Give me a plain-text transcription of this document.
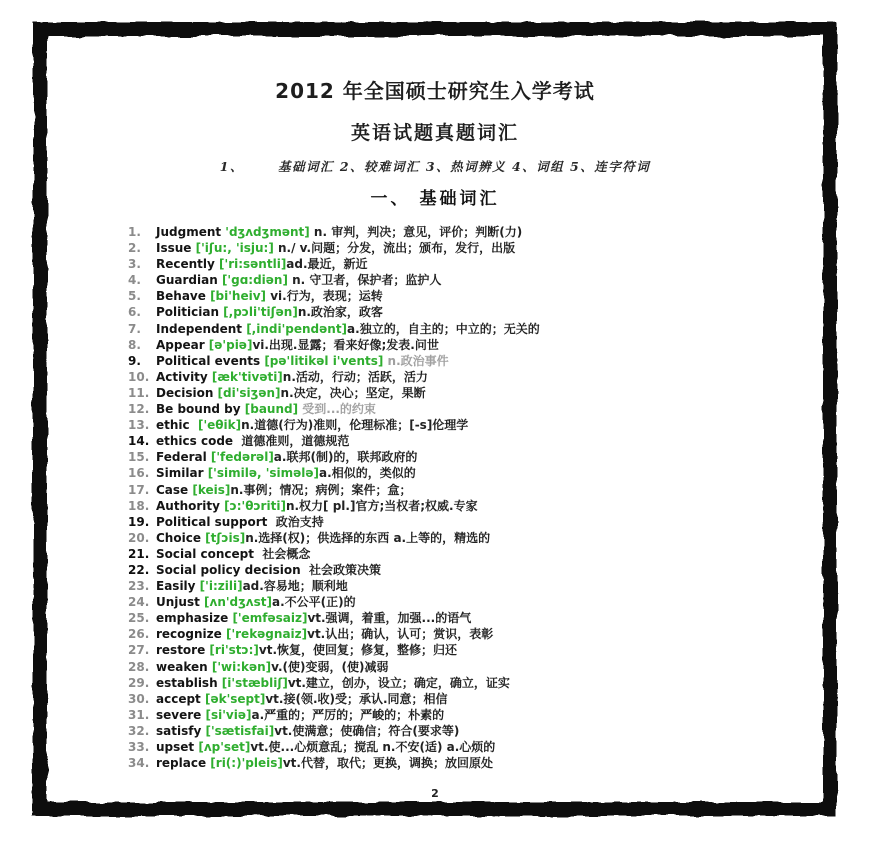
2012 年全国硕士研究生入学考试
英语试题真题词汇
1、	基础词汇 2、较难词汇 3、热词辨义 4、词组 5、连字符词
一、 基础词汇
1. Judgment 'dʒʌdʒmənt] n. 审判，判决；意见，评价；判断(力)
2. Issue ['iʃu:, 'isju:] n./ v.问题；分发，流出；颁布，发行，出版
3. Recently ['ri:səntli]ad.最近，新近
4. Guardian ['gɑ:diən] n. 守卫者，保护者；监护人
5. Behave [bi'heiv] vi.行为，表现；运转
6. Politician [,pɔli'tiʃən]n.政治家，政客
7. Independent [,indi'pendənt]a.独立的，自主的；中立的；无关的
8. Appear [ə'piə]vi.出现.显露；看来好像;发表.问世
9. Political events [pə'litikəl i'vents] n.政治事件
10. Activity [æk'tivəti]n.活动，行动；活跃，活力
11. Decision [di'siʒən]n.决定，决心；坚定，果断
12. Be bound by [baund] 受到...的约束
13. ethic  ['eθik]n.道德(行为)准则，伦理标准；[-s]伦理学
14. ethics code  道德准则，道德规范
15. Federal ['fedərəl]a.联邦(制)的，联邦政府的
16. Similar ['similə, 'simələ]a.相似的，类似的
17. Case [keis]n.事例；情况；病例；案件；盒；
18. Authority [ɔ:'θɔriti]n.权力[ pl.]官方;当权者;权威.专家
19. Political support  政治支持
20. Choice [tʃɔis]n.选择(权)；供选择的东西 a.上等的，精选的
21. Social concept  社会概念
22. Social policy decision  社会政策决策
23. Easily ['i:zili]ad.容易地；顺利地
24. Unjust [ʌn'dʒʌst]a.不公平(正)的
25. emphasize ['emfəsaiz]vt.强调，着重，加强...的语气
26. recognize ['rekəgnaiz]vt.认出；确认，认可；赏识，表彰
27. restore [ri'stɔ:]vt.恢复，使回复；修复，整修；归还
28. weaken ['wi:kən]v.(使)变弱，(使)减弱
29. establish [i'stæbliʃ]vt.建立，创办，设立；确定，确立，证实
30. accept [ək'sept]vt.接(领.收)受；承认.同意；相信
31. severe [si'viə]a.严重的；严厉的；严峻的；朴素的
32. satisfy ['sætisfai]vt.使满意；使确信；符合(要求等)
33. upset [ʌp'set]vt.使...心烦意乱；搅乱 n.不安(适) a.心烦的
34. replace [ri(:)'pleis]vt.代替，取代；更换，调换；放回原处
2
